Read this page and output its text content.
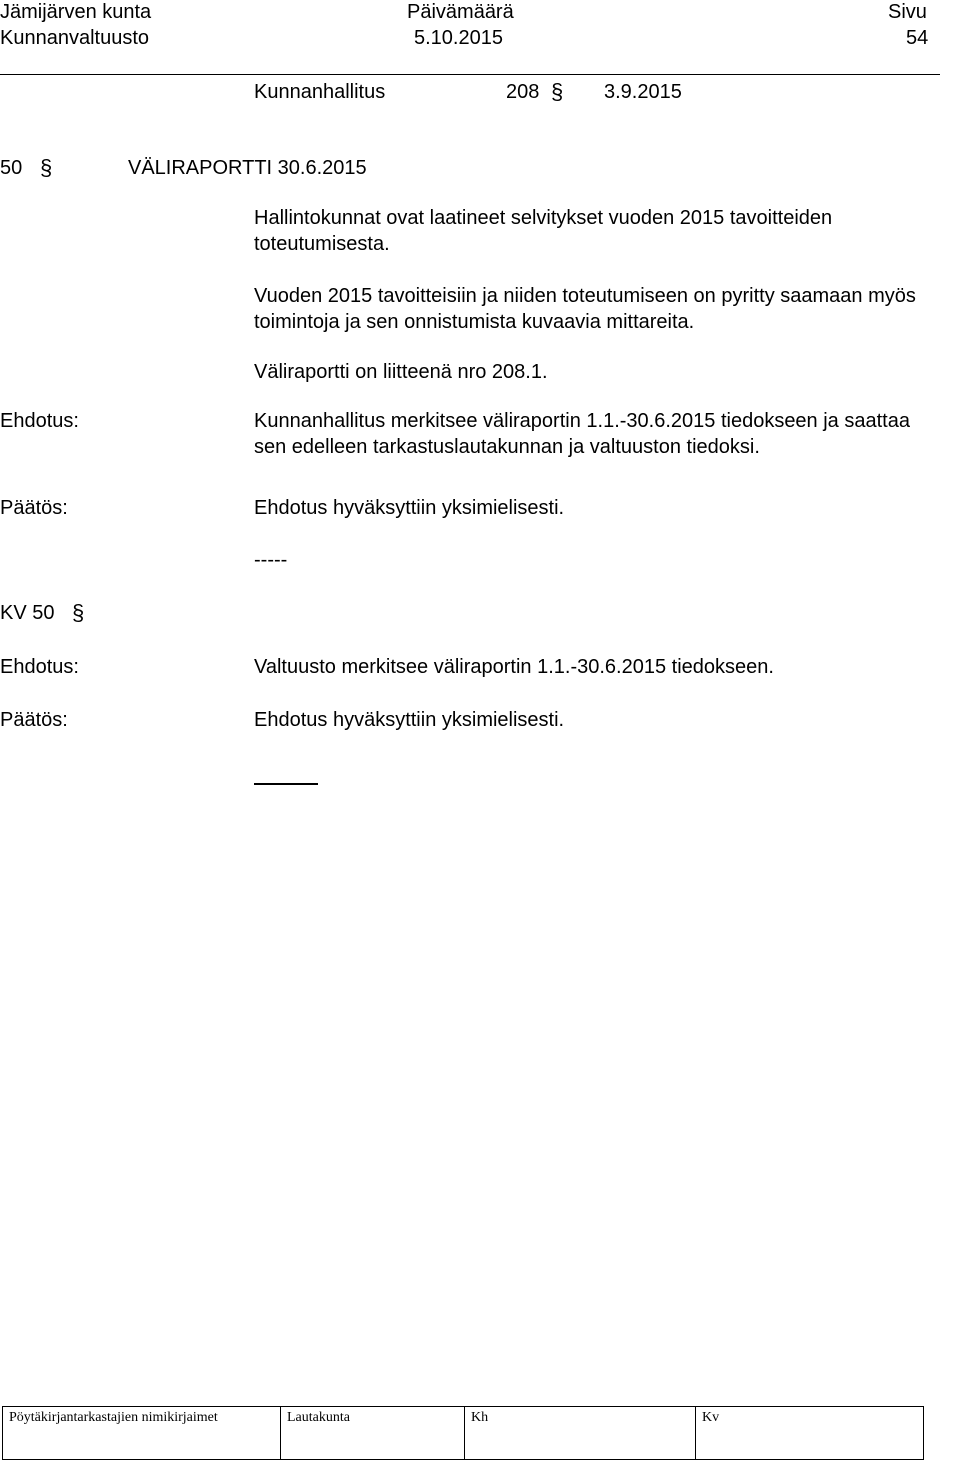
Jämijärven kunta
Kunnanvaltuusto
Päivämäärä
5.10.2015
Sivu
54
Kunnanhallitus	208 § 3.9.2015
50 §	VÄLIRAPORTTI 30.6.2015
Hallintokunnat ovat laatineet selvitykset vuoden 2015 tavoitteiden toteutumisesta.
Vuoden 2015 tavoitteisiin ja niiden toteutumiseen on pyritty saamaan myös toimintoja ja sen onnistumista kuvaavia mittareita.
Väliraportti on liitteenä nro 208.1.
Ehdotus:	Kunnanhallitus merkitsee väliraportin 1.1.-30.6.2015 tiedokseen ja saattaa sen edelleen tarkastuslautakunnan ja valtuuston tiedoksi.
Päätös:	Ehdotus hyväksyttiin yksimielisesti.
-----
KV 50 §
Ehdotus:	Valtuusto merkitsee väliraportin 1.1.-30.6.2015 tiedokseen.
Päätös:	Ehdotus hyväksyttiin yksimielisesti.
Pöytäkirjantarkastajien nimikirjaimet	Lautakunta	Kh	Kv
